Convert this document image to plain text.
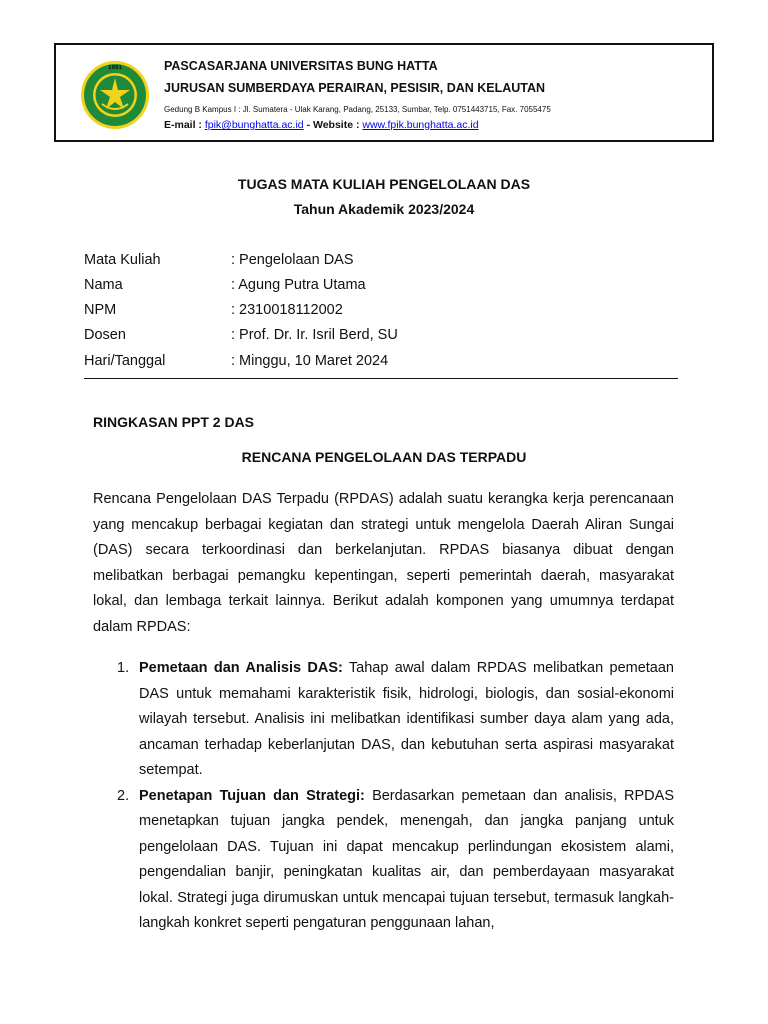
1981	PASCASARJANA UNIVERSITAS BUNG HATTA
JURUSAN SUMBERDAYA PERAIRAN, PESISIR, DAN KELAUTAN
Gedung B Kampus I : Jl. Sumatera - Ulak Karang, Padang, 25133, Sumbar, Telp. 0751443715, Fax. 7055475
E-mail : fpik@bunghatta.ac.id - Website : www.fpik.bunghatta.ac.id
TUGAS MATA KULIAH PENGELOLAAN DAS
Tahun Akademik 2023/2024
Mata Kuliah	: Pengelolaan DAS
Nama	: Agung Putra Utama
NPM	: 2310018112002
Dosen	: Prof. Dr. Ir. Isril Berd, SU
Hari/Tanggal	: Minggu, 10 Maret 2024
RINGKASAN PPT 2 DAS
RENCANA PENGELOLAAN DAS TERPADU

Rencana Pengelolaan DAS Terpadu (RPDAS) adalah suatu kerangka kerja perencanaan yang mencakup berbagai kegiatan dan strategi untuk mengelola Daerah Aliran Sungai (DAS) secara terkoordinasi dan berkelanjutan. RPDAS biasanya dibuat dengan melibatkan berbagai pemangku kepentingan, seperti pemerintah daerah, masyarakat lokal, dan lembaga terkait lainnya. Berikut adalah komponen yang umumnya terdapat dalam RPDAS:

1. Pemetaan dan Analisis DAS: Tahap awal dalam RPDAS melibatkan pemetaan DAS untuk memahami karakteristik fisik, hidrologi, biologis, dan sosial-ekonomi wilayah tersebut. Analisis ini melibatkan identifikasi sumber daya alam yang ada, ancaman terhadap keberlanjutan DAS, dan kebutuhan serta aspirasi masyarakat setempat.
2. Penetapan Tujuan dan Strategi: Berdasarkan pemetaan dan analisis, RPDAS menetapkan tujuan jangka pendek, menengah, dan jangka panjang untuk pengelolaan DAS. Tujuan ini dapat mencakup perlindungan ekosistem alami, pengendalian banjir, peningkatan kualitas air, dan pemberdayaan masyarakat lokal. Strategi juga dirumuskan untuk mencapai tujuan tersebut, termasuk langkah-langkah konkret seperti pengaturan penggunaan lahan,
